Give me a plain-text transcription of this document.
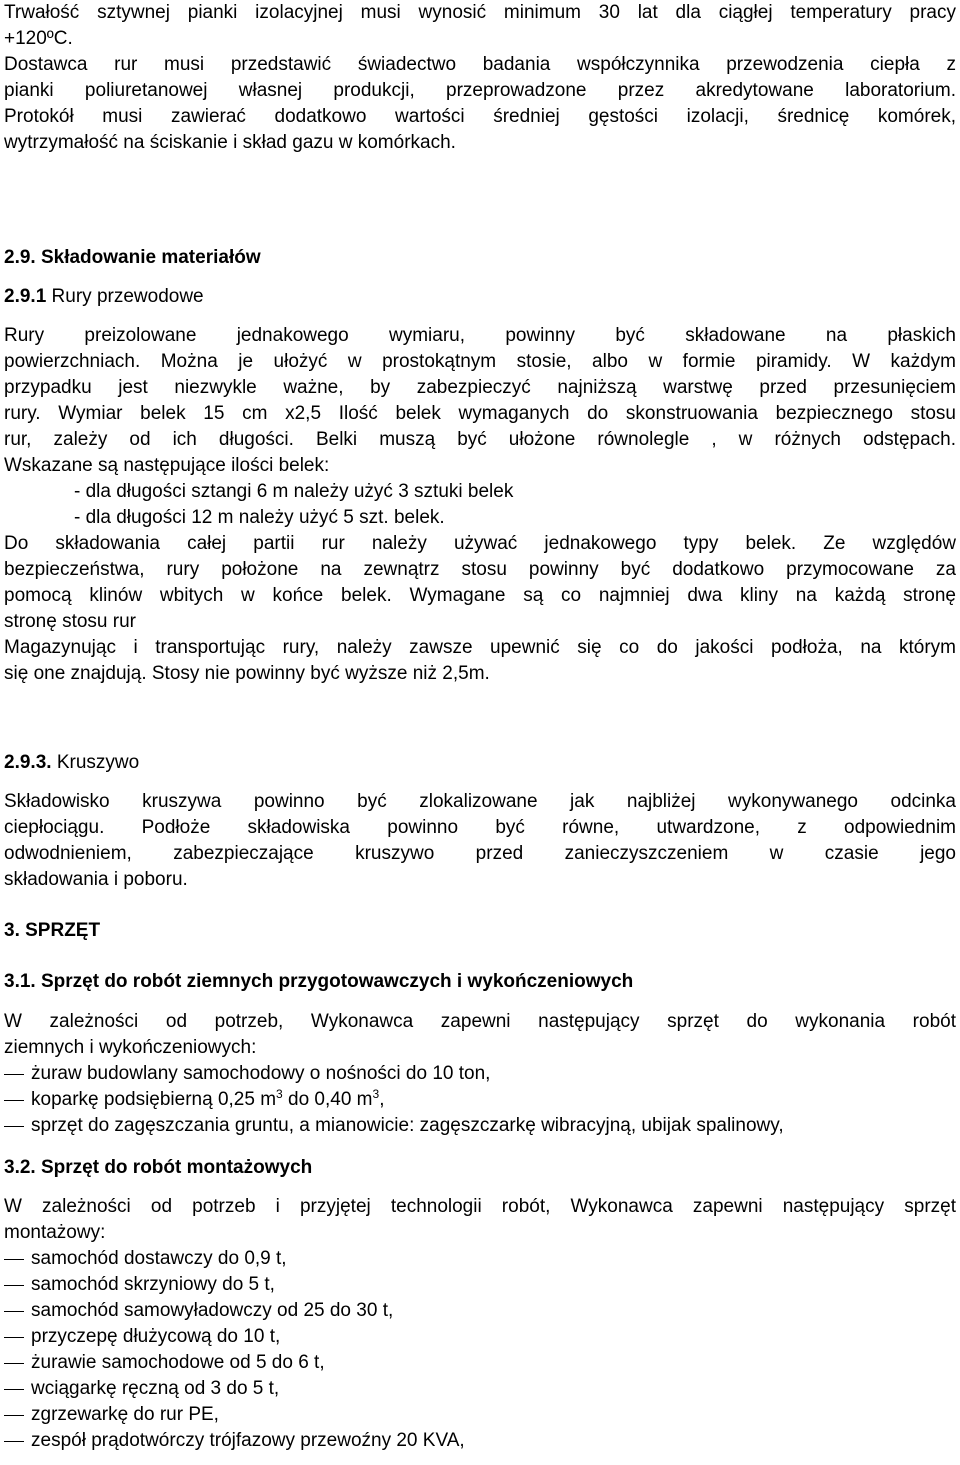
Trwałość sztywnej pianki izolacyjnej musi wynosić minimum 30 lat dla ciągłej temperatury pracy
+120ºC.
Dostawca rur musi przedstawić świadectwo badania współczynnika przewodzenia ciepła z
pianki poliuretanowej własnej produkcji, przeprowadzone przez akredytowane laboratorium.
Protokół musi zawierać dodatkowo wartości średniej gęstości izolacji, średnicę komórek,
wytrzymałość na ściskanie i skład gazu w komórkach.
2.9. Składowanie materiałów
2.9.1 Rury przewodowe
Rury preizolowane jednakowego wymiaru, powinny być składowane na płaskich
powierzchniach. Można je ułożyć w prostokątnym stosie, albo w formie piramidy. W każdym
przypadku jest niezwykle ważne, by zabezpieczyć najniższą warstwę przed przesunięciem
rury. Wymiar belek 15 cm x2,5 Ilość belek wymaganych do skonstruowania bezpiecznego stosu
rur, zależy od ich długości. Belki muszą być ułożone równolegle , w różnych odstępach.
Wskazane są następujące ilości belek:
- dla długości sztangi 6 m należy użyć 3 sztuki belek
- dla długości 12 m należy użyć 5 szt. belek.
Do składowania całej partii rur należy używać jednakowego typy belek. Ze względów
bezpieczeństwa, rury położone na zewnątrz stosu powinny być dodatkowo przymocowane za
pomocą klinów wbitych w końce belek. Wymagane są co najmniej dwa kliny na każdą stronę
stronę stosu rur
Magazynując i transportując rury, należy zawsze upewnić się co do jakości podłoża, na którym
się one znajdują. Stosy nie powinny być wyższe niż 2,5m.
2.9.3. Kruszywo
Składowisko kruszywa powinno być zlokalizowane jak najbliżej wykonywanego odcinka
ciepłociągu. Podłoże składowiska powinno być równe, utwardzone, z odpowiednim
odwodnieniem, zabezpieczające kruszywo przed zanieczyszczeniem w czasie jego
składowania i poboru.
3. SPRZĘT
3.1. Sprzęt do robót ziemnych przygotowawczych i wykończeniowych
W zależności od potrzeb, Wykonawca zapewni następujący sprzęt do wykonania robót
ziemnych i wykończeniowych:
żuraw budowlany samochodowy o nośności do 10 ton,
koparkę podsiębierną 0,25 $m^3$ do 0,40 $m^3$,
sprzęt do zagęszczania gruntu, a mianowicie: zagęszczarkę wibracyjną, ubijak spalinowy,
3.2. Sprzęt do robót montażowych
W zależności od potrzeb i przyjętej technologii robót, Wykonawca zapewni następujący sprzęt
montażowy:
samochód dostawczy do 0,9 t,
samochód skrzyniowy do 5 t,
samochód samowyładowczy od 25 do 30 t,
przyczepę dłużycową do 10 t,
żurawie samochodowe od 5 do 6 t,
wciągarkę ręczną od 3 do 5 t,
zgrzewarkę do rur PE,
zespół prądotwórczy trójfazowy przewoźny 20 KVA,
